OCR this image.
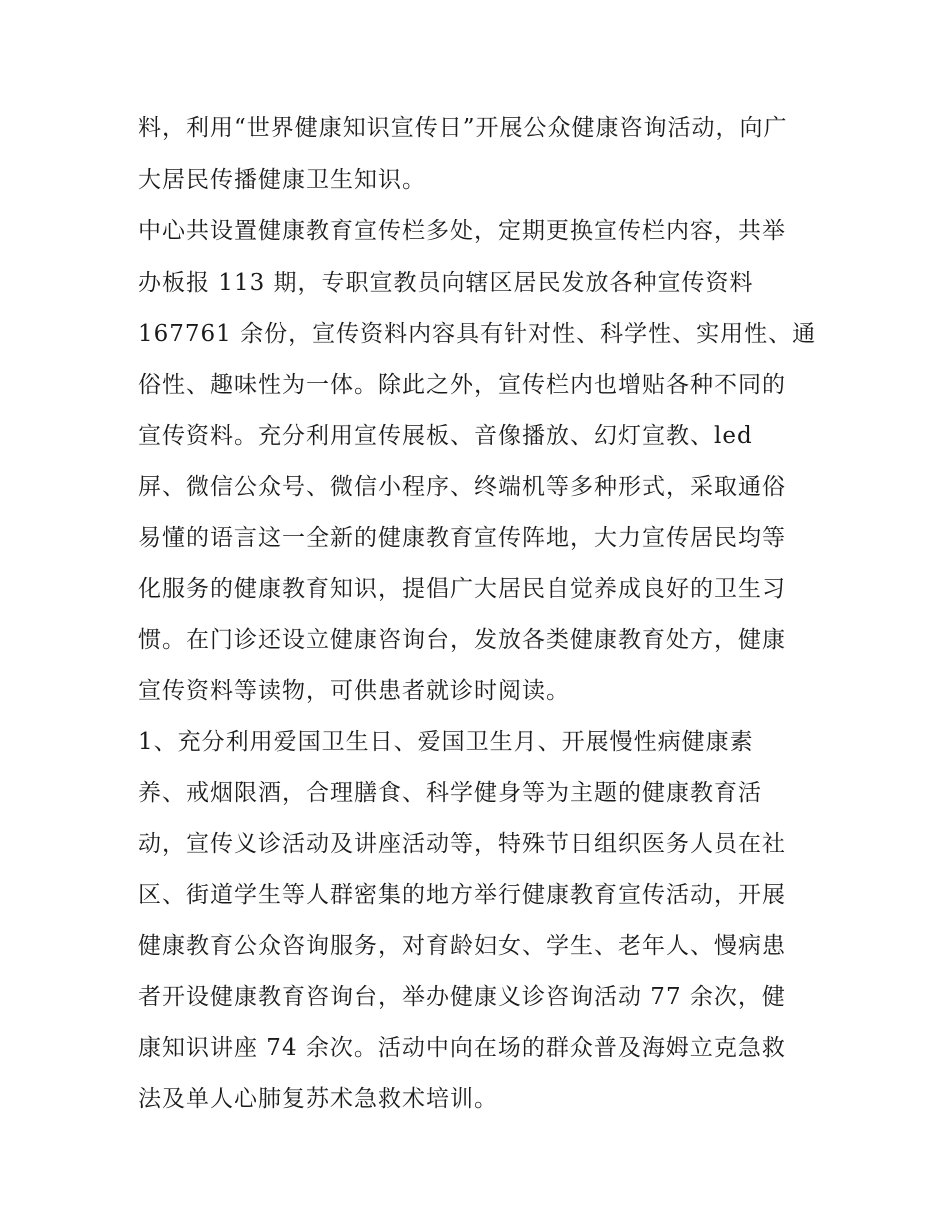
料，利用“世界健康知识宣传日”开展公众健康咨询活动，向广
大居民传播健康卫生知识。
中心共设置健康教育宣传栏多处，定期更换宣传栏内容，共举
办板报 113 期，专职宣教员向辖区居民发放各种宣传资料
167761 余份，宣传资料内容具有针对性、科学性、实用性、通
俗性、趣味性为一体。除此之外，宣传栏内也增贴各种不同的
宣传资料。充分利用宣传展板、音像播放、幻灯宣教、led
屏、微信公众号、微信小程序、终端机等多种形式，采取通俗
易懂的语言这一全新的健康教育宣传阵地，大力宣传居民均等
化服务的健康教育知识，提倡广大居民自觉养成良好的卫生习
惯。在门诊还设立健康咨询台，发放各类健康教育处方，健康
宣传资料等读物，可供患者就诊时阅读。
1、充分利用爱国卫生日、爱国卫生月、开展慢性病健康素
养、戒烟限酒，合理膳食、科学健身等为主题的健康教育活
动，宣传义诊活动及讲座活动等，特殊节日组织医务人员在社
区、街道学生等人群密集的地方举行健康教育宣传活动，开展
健康教育公众咨询服务，对育龄妇女、学生、老年人、慢病患
者开设健康教育咨询台，举办健康义诊咨询活动 77 余次，健
康知识讲座 74 余次。活动中向在场的群众普及海姆立克急救
法及单人心肺复苏术急救术培训。
